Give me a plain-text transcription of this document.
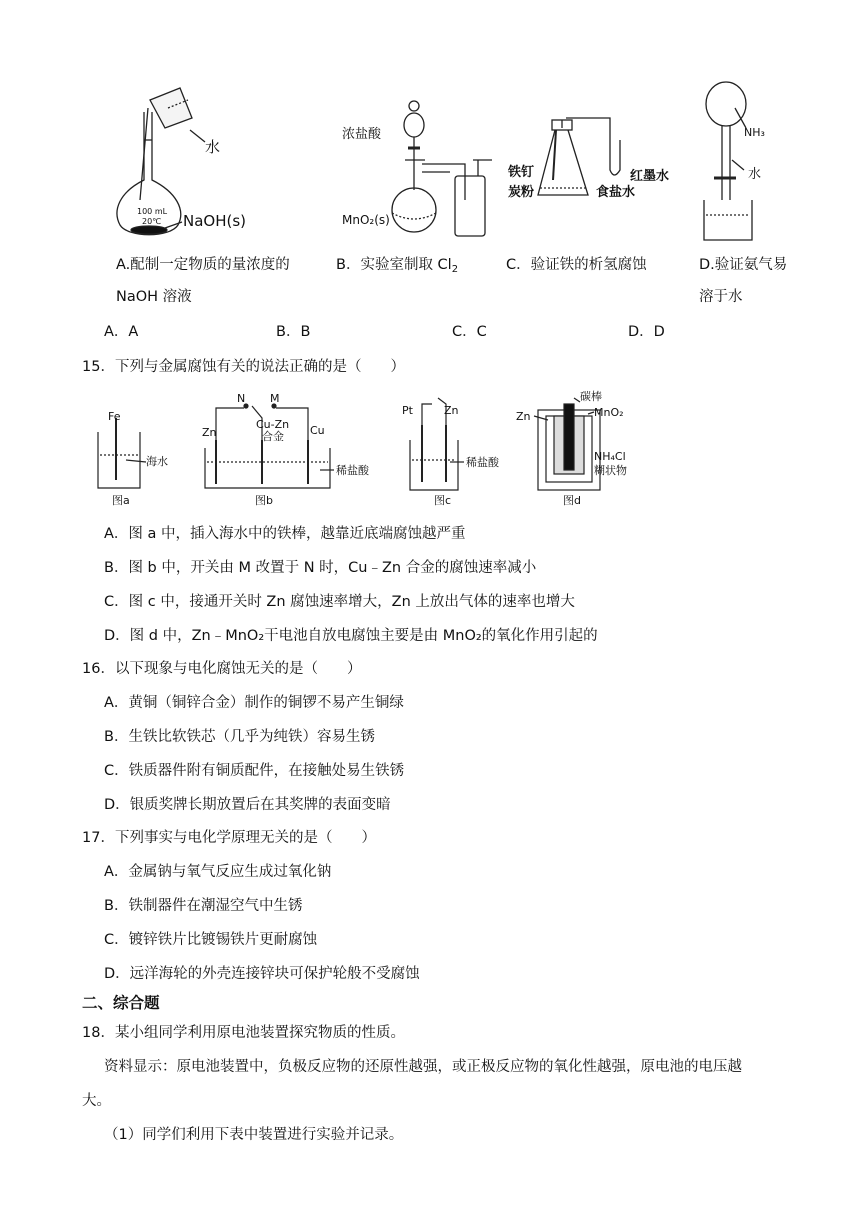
水
NaOH(s)
100 mL
20℃
浓盐酸
MnO₂(s)
铁钉
炭粉
红墨水
食盐水
NH₃
水
A.配制一定物质的量浓度的
NaOH 溶液
B．实验室制取 $Cl_2$	C．验证铁的析氢腐蚀	D.验证氨气易
溶于水
A．A	B．B	C．C	D．D
15．下列与金属腐蚀有关的说法正确的是（　　）
Fe
海水
图a
N M
Zn
Cu-Zn
合金 Cu
稀盐酸
图b
Pt	Zn
稀盐酸
图c
碳棒
Zn	MnO₂
NH₄Cl
糊状物
图d
A．图 a 中，插入海水中的铁棒，越靠近底端腐蚀越严重
B．图 b 中，开关由 M 改置于 N 时，Cu﹣Zn 合金的腐蚀速率减小
C．图 c 中，接通开关时 Zn 腐蚀速率增大，Zn 上放出气体的速率也增大
D．图 d 中，Zn﹣MnO₂干电池自放电腐蚀主要是由 MnO₂的氧化作用引起的
16．以下现象与电化腐蚀无关的是（　　）
A．黄铜（铜锌合金）制作的铜锣不易产生铜绿
B．生铁比软铁芯（几乎为纯铁）容易生锈
C．铁质器件附有铜质配件，在接触处易生铁锈
D．银质奖牌长期放置后在其奖牌的表面变暗
17．下列事实与电化学原理无关的是（　　）
A．金属钠与氧气反应生成过氧化钠
B．铁制器件在潮湿空气中生锈
C．镀锌铁片比镀锡铁片更耐腐蚀
D．远洋海轮的外壳连接锌块可保护轮般不受腐蚀
二、综合题
18．某小组同学利用原电池装置探究物质的性质。
资料显示：原电池装置中，负极反应物的还原性越强，或正极反应物的氧化性越强，原电池的电压越
大。
（1）同学们利用下表中装置进行实验并记录。
